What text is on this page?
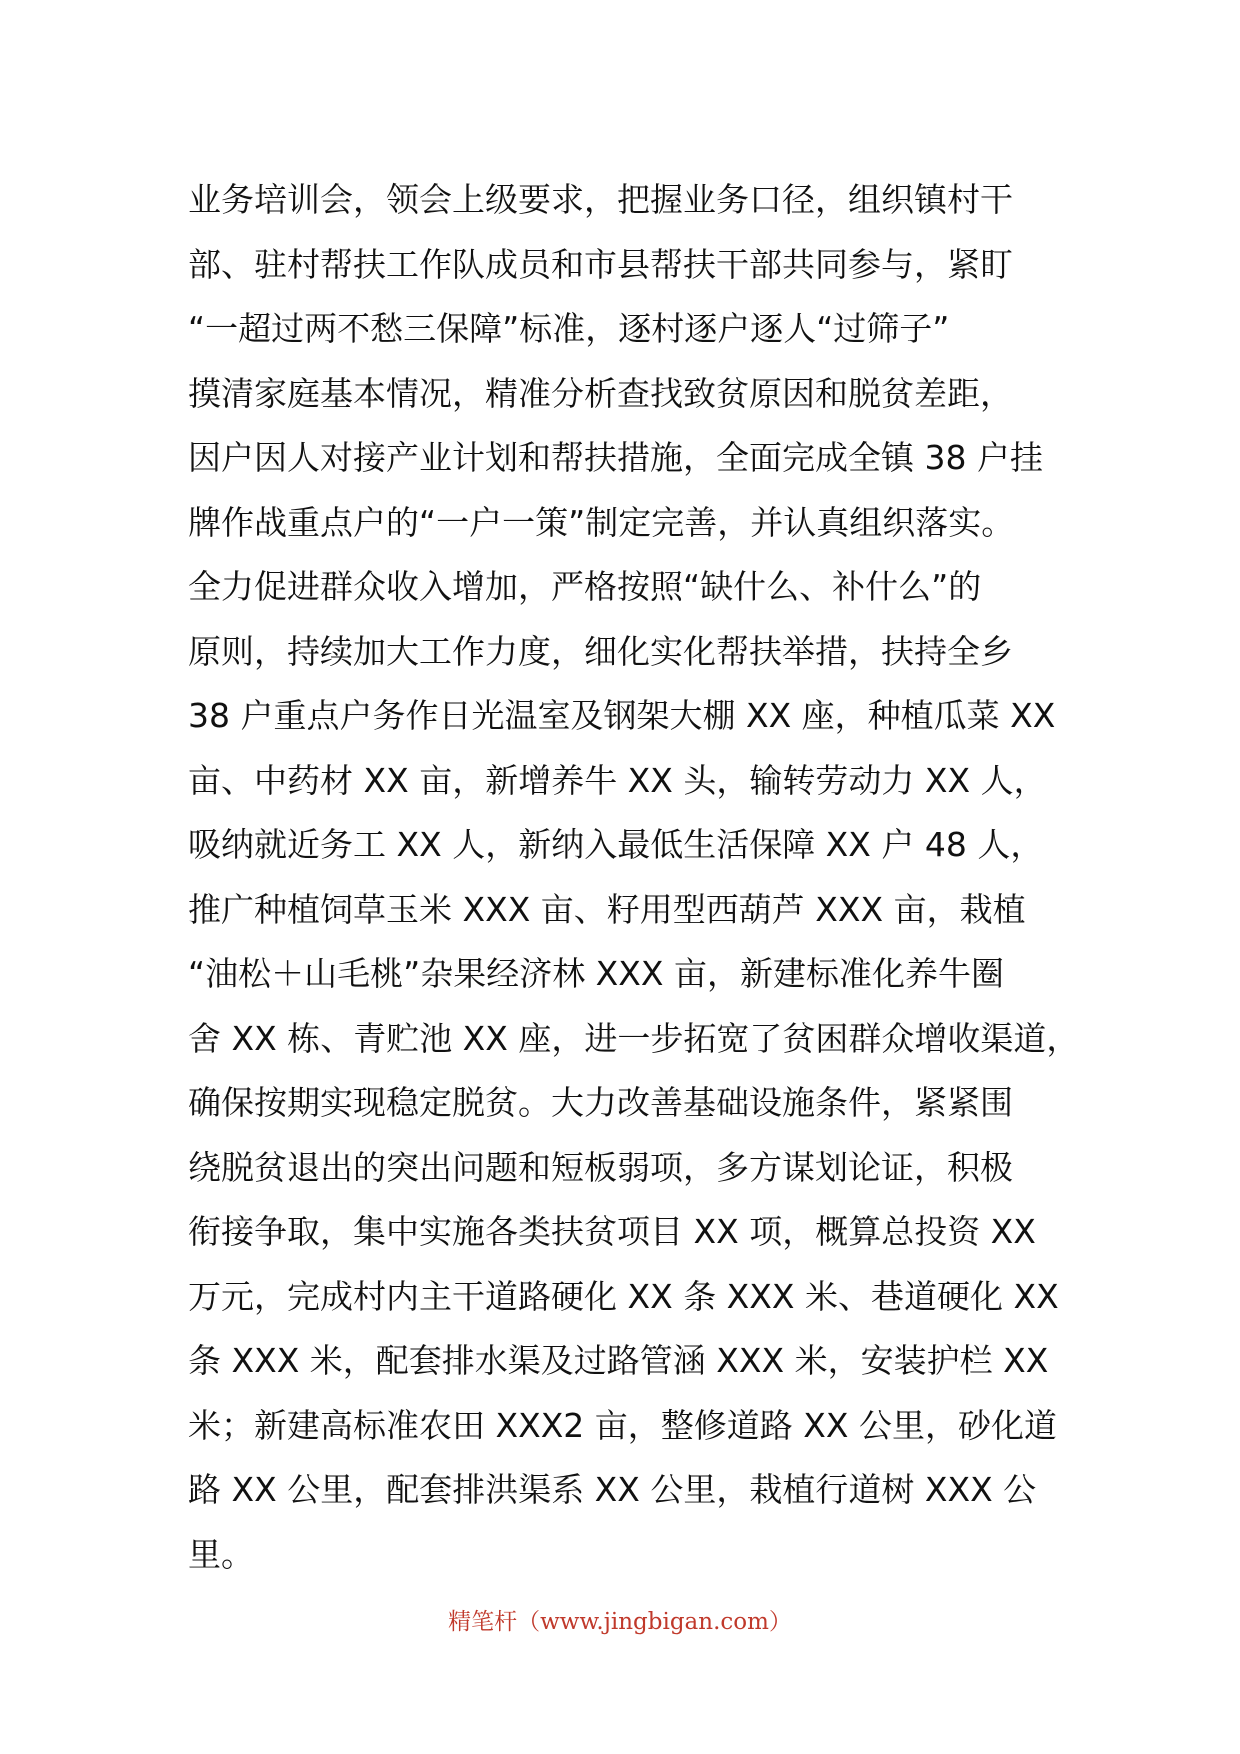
业务培训会，领会上级要求，把握业务口径，组织镇村干
部、驻村帮扶工作队成员和市县帮扶干部共同参与，紧盯
“一超过两不愁三保障”标准，逐村逐户逐人“过筛子”
摸清家庭基本情况，精准分析查找致贫原因和脱贫差距，
因户因人对接产业计划和帮扶措施，全面完成全镇 38 户挂
牌作战重点户的“一户一策”制定完善，并认真组织落实。
全力促进群众收入增加，严格按照“缺什么、补什么”的
原则，持续加大工作力度，细化实化帮扶举措，扶持全乡
38 户重点户务作日光温室及钢架大棚 XX 座，种植瓜菜 XX
亩、中药材 XX 亩，新增养牛 XX 头，输转劳动力 XX 人，
吸纳就近务工 XX 人，新纳入最低生活保障 XX 户 48 人，
推广种植饲草玉米 XXX 亩、籽用型西葫芦 XXX 亩，栽植
“油松＋山毛桃”杂果经济林 XXX 亩，新建标准化养牛圈
舍 XX 栋、青贮池 XX 座，进一步拓宽了贫困群众增收渠道，
确保按期实现稳定脱贫。大力改善基础设施条件，紧紧围
绕脱贫退出的突出问题和短板弱项，多方谋划论证，积极
衔接争取，集中实施各类扶贫项目 XX 项，概算总投资 XX
万元，完成村内主干道路硬化 XX 条 XXX 米、巷道硬化 XX
条 XXX 米，配套排水渠及过路管涵 XXX 米，安装护栏 XX
米；新建高标准农田 XXX2 亩，整修道路 XX 公里，砂化道
路 XX 公里，配套排洪渠系 XX 公里，栽植行道树 XXX 公
里。
精笔杆（www.jingbigan.com）
